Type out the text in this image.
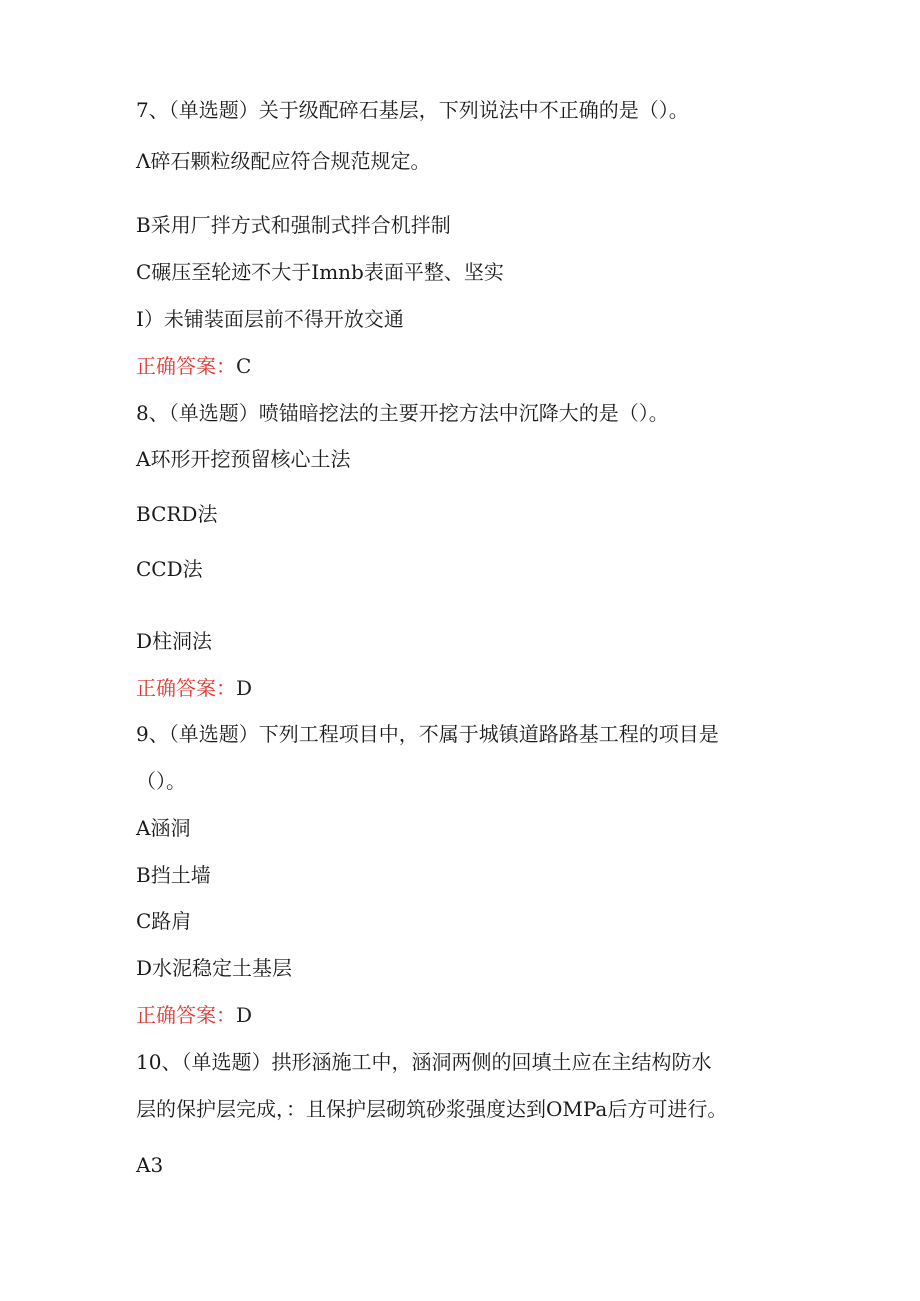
7、（单选题）关于级配碎石基层，下列说法中不正确的是（）。

Λ碎石颗粒级配应符合规范规定。

B采用厂拌方式和强制式拌合机拌制

C碾压至轮迹不大于Imnb表面平整、坚实

I）未铺装面层前不得开放交通

正确答案：C

8、（单选题）喷锚暗挖法的主要开挖方法中沉降大的是（）。

A环形开挖预留核心土法

BCRD法

CCD法

D柱洞法

正确答案：D

9、（单选题）下列工程项目中，不属于城镇道路路基工程的项目是

（）。

A涵洞

B挡土墙

C路肩

D水泥稳定土基层

正确答案：D

10、（单选题）拱形涵施工中，涵洞两侧的回填土应在主结构防水

层的保护层完成，：且保护层砌筑砂浆强度达到OMPa后方可进行。

A3
